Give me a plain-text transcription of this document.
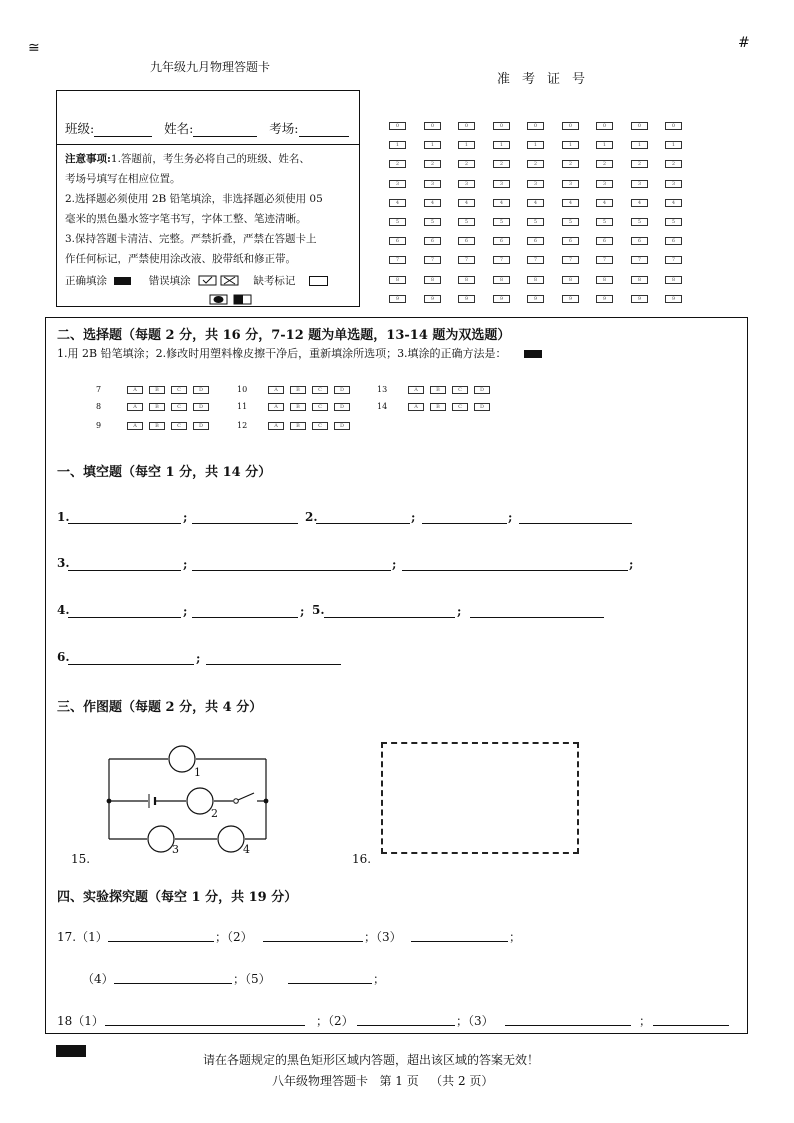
≅	#
九年级九月物理答题卡
准考证号
班级:	姓名:	考场:
注意事项:1.答题前，考生务必将自己的班级、姓名、
考场号填写在相应位置。
2.选择题必须使用 2B 铅笔填涂，非选择题必须使用 05
毫米的黑色墨水签字笔书写，字体工整、笔迹清晰。
3.保持答题卡清洁、完整。严禁折叠，严禁在答题卡上
作任何标记，严禁使用涂改液、胶带纸和修正带。
正确填涂	错误填涂	缺考标记
0	0	0	0	0	0	0	0	0
1	1	1	1	1	1	1	1	1
2	2	2	2	2	2	2	2	2
3	3	3	3	3	3	3	3	3
4	4	4	4	4	4	4	4	4
5	5	5	5	5	5	5	5	5
6	6	6	6	6	6	6	6	6
7	7	7	7	7	7	7	7	7
8	8	8	8	8	8	8	8	8
9	9	9	9	9	9	9	9	9
二、选择题（每题 2 分，共 16 分，7-12 题为单选题，13-14 题为双选题）
1.用 2B 铅笔填涂；2.修改时用塑料橡皮擦干净后，重新填涂所选项；3.填涂的正确方法是：
7	A	B	C	D
8	A	B	C	D
9	A	B	C	D
10	A	B	C	D
11	A	B	C	D
12	A	B	C	D
13	A	B	C	D
14	A	B	C	D
一、填空题（每空 1 分，共 14 分）
1.	;	2.	;	;
3.	;	;	;
4.	;	; 5.	;
6.	;
三、作图题（每题 2 分，共 4 分）
1
2
3	4
15.	16.
四、实验探究题（每空 1 分，共 19 分）
17.（1）	；（2）	；（3）	；
（4）	；（5）	；
18（1）	；（2）	；（3）	；
请在各题规定的黑色矩形区域内答题，超出该区域的答案无效！
八年级物理答题卡   第 1 页   （共 2 页）
